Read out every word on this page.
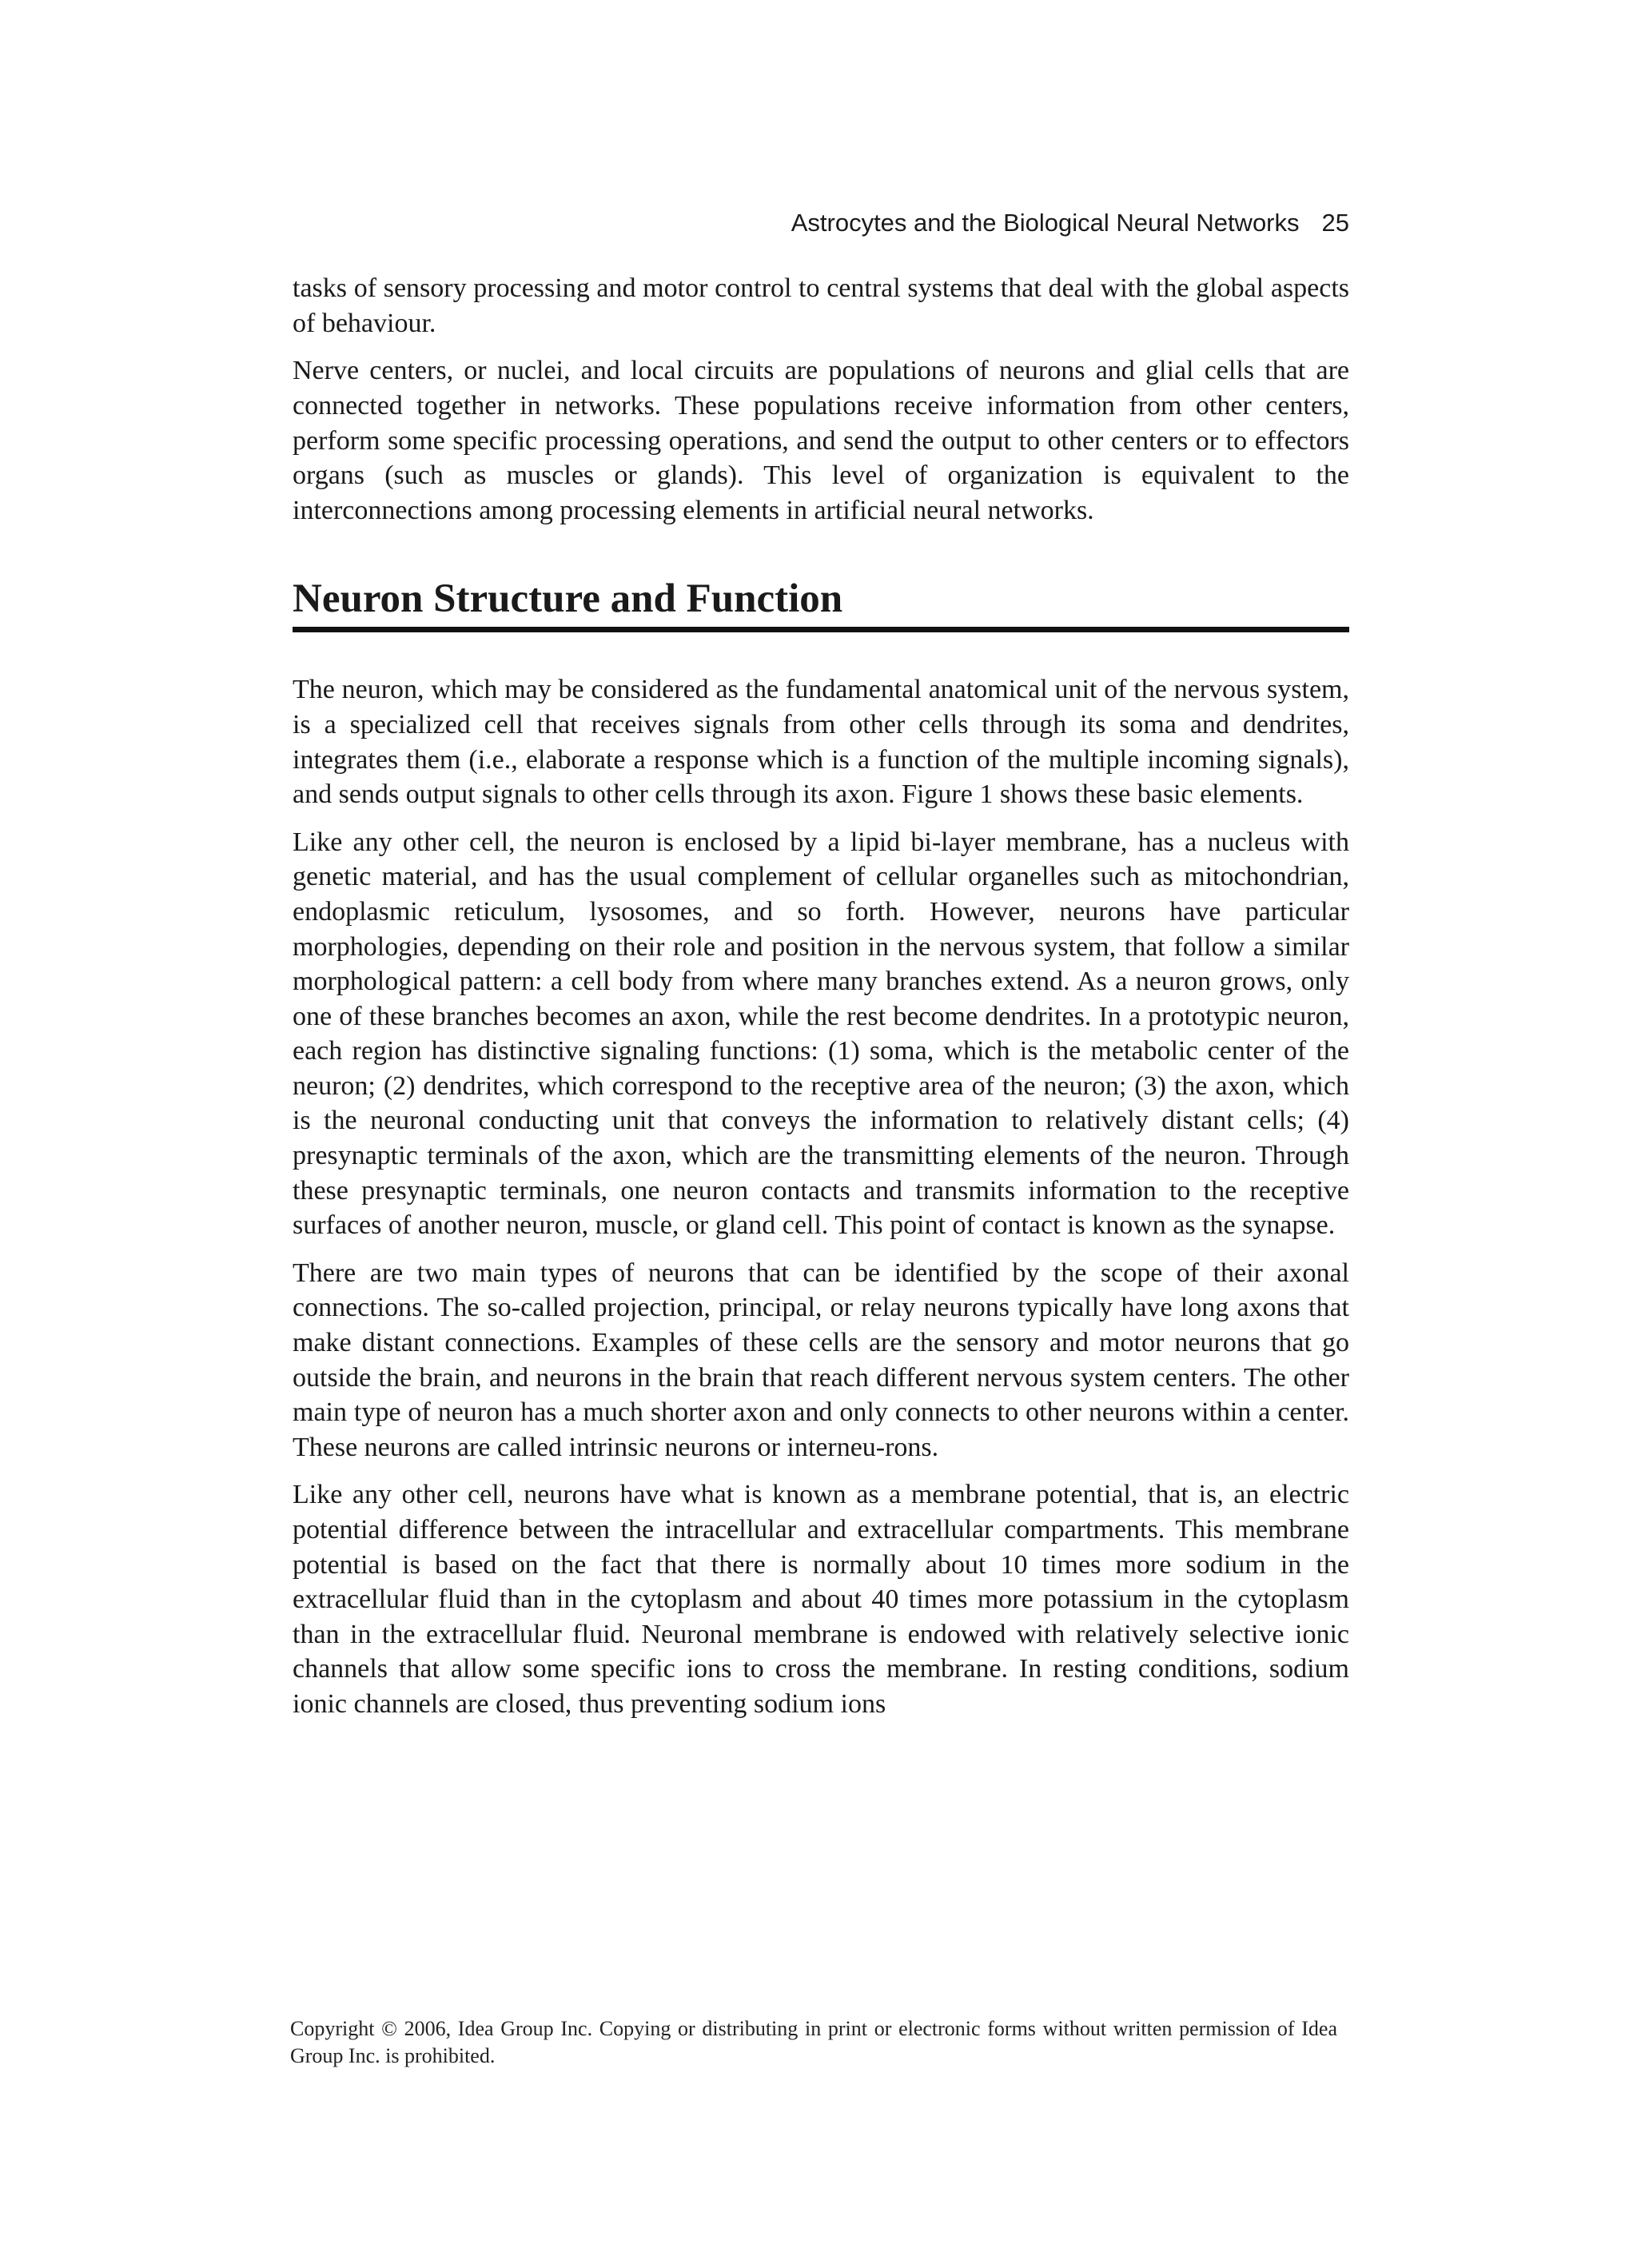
Astrocytes and the Biological Neural Networks 25

tasks of sensory processing and motor control to central systems that deal with the global aspects of behaviour.

Nerve centers, or nuclei, and local circuits are populations of neurons and glial cells that are connected together in networks. These populations receive information from other centers, perform some specific processing operations, and send the output to other centers or to effectors organs (such as muscles or glands). This level of organization is equivalent to the interconnections among processing elements in artificial neural networks.

Neuron Structure and Function

The neuron, which may be considered as the fundamental anatomical unit of the nervous system, is a specialized cell that receives signals from other cells through its soma and dendrites, integrates them (i.e., elaborate a response which is a function of the multiple incoming signals), and sends output signals to other cells through its axon. Figure 1 shows these basic elements.

Like any other cell, the neuron is enclosed by a lipid bi-layer membrane, has a nucleus with genetic material, and has the usual complement of cellular organelles such as mitochondrian, endoplasmic reticulum, lysosomes, and so forth. However, neurons have particular morphologies, depending on their role and position in the nervous system, that follow a similar morphological pattern: a cell body from where many branches extend. As a neuron grows, only one of these branches becomes an axon, while the rest become dendrites. In a prototypic neuron, each region has distinctive signaling functions: (1) soma, which is the metabolic center of the neuron; (2) dendrites, which correspond to the receptive area of the neuron; (3) the axon, which is the neuronal conducting unit that conveys the information to relatively distant cells; (4) presynaptic terminals of the axon, which are the transmitting elements of the neuron. Through these presynaptic terminals, one neuron contacts and transmits information to the receptive surfaces of another neuron, muscle, or gland cell. This point of contact is known as the synapse.

There are two main types of neurons that can be identified by the scope of their axonal connections. The so-called projection, principal, or relay neurons typically have long axons that make distant connections. Examples of these cells are the sensory and motor neurons that go outside the brain, and neurons in the brain that reach different nervous system centers. The other main type of neuron has a much shorter axon and only connects to other neurons within a center. These neurons are called intrinsic neurons or interneu-rons.

Like any other cell, neurons have what is known as a membrane potential, that is, an electric potential difference between the intracellular and extracellular compartments. This membrane potential is based on the fact that there is normally about 10 times more sodium in the extracellular fluid than in the cytoplasm and about 40 times more potassium in the cytoplasm than in the extracellular fluid. Neuronal membrane is endowed with relatively selective ionic channels that allow some specific ions to cross the membrane. In resting conditions, sodium ionic channels are closed, thus preventing sodium ions

Copyright © 2006, Idea Group Inc. Copying or distributing in print or electronic forms without written permission of Idea Group Inc. is prohibited.
